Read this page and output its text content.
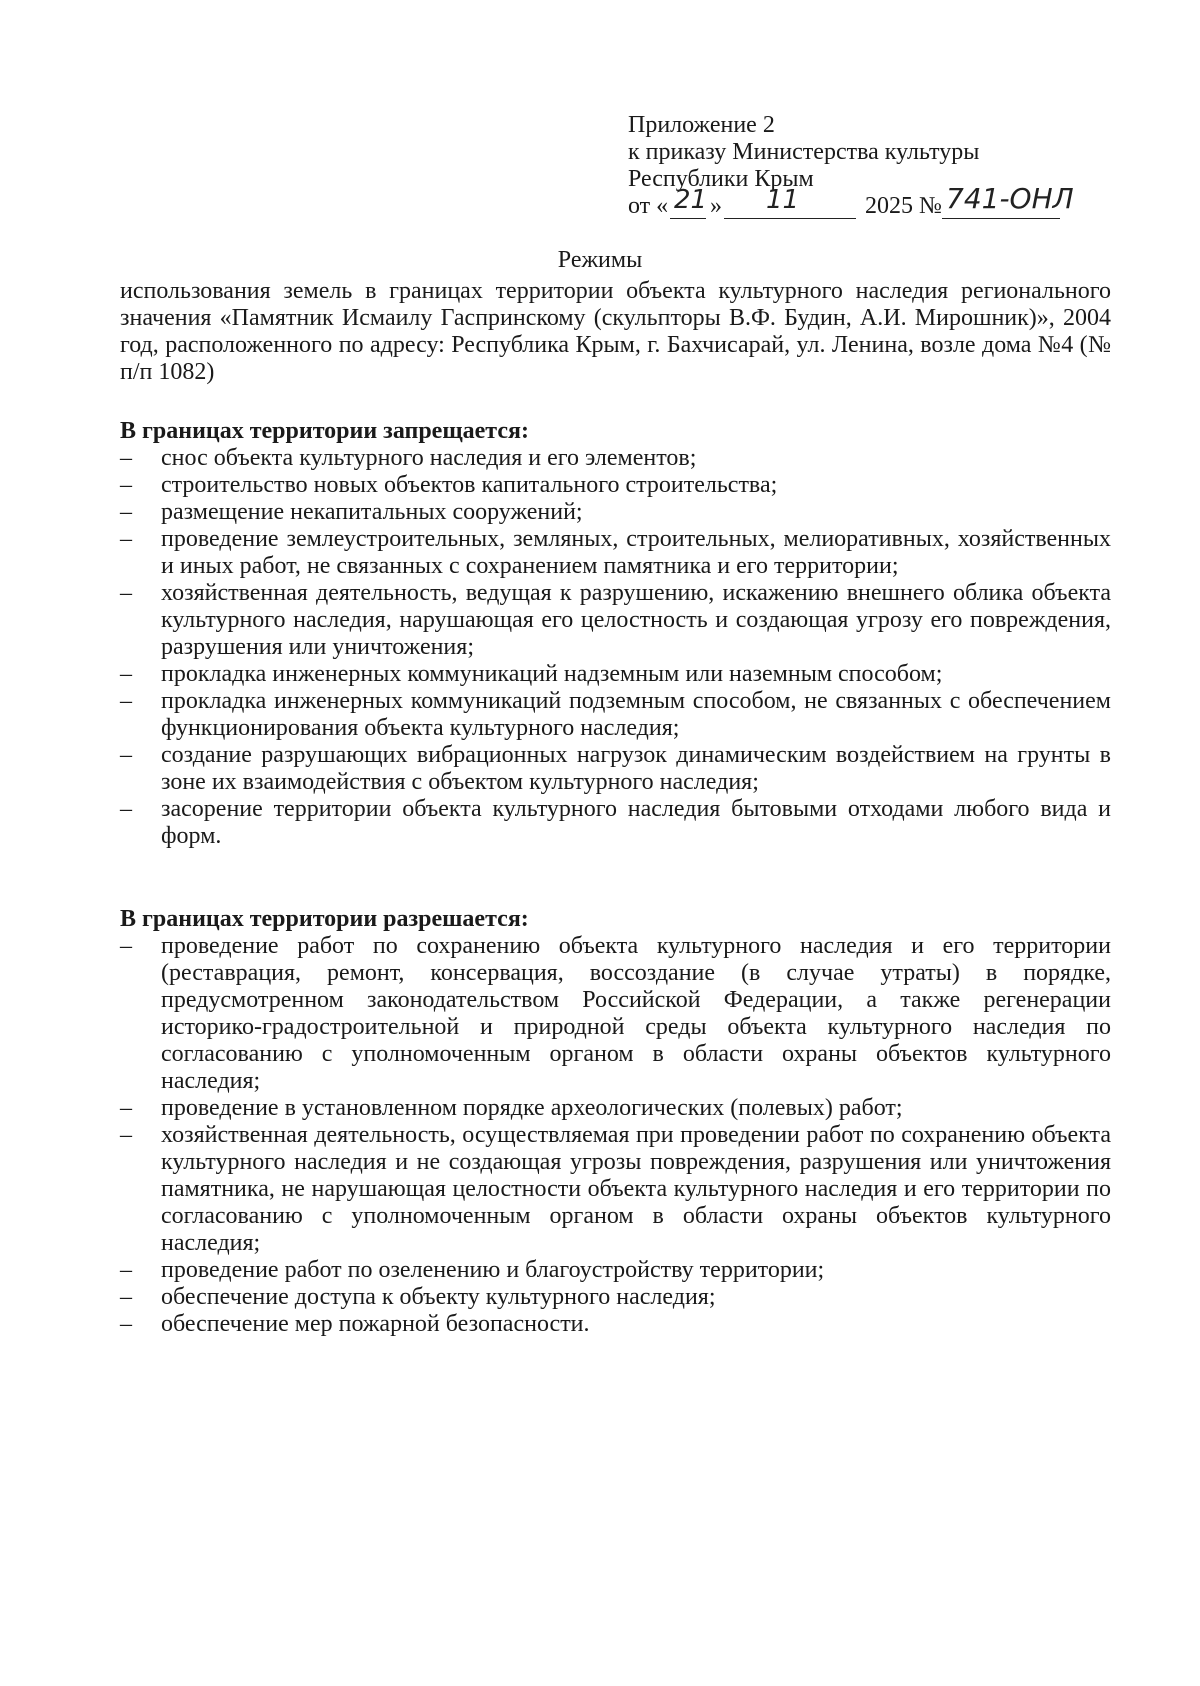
Приложение 2
к приказу Министерства культуры
Республики Крым
от « 21 » 11	2025 № 741-ОНЛ
Режимы
использования земель в границах территории объекта культурного наследия регионального значения «Памятник Исмаилу Гаспринскому (скульпторы В.Ф. Будин, А.И. Мирошник)», 2004 год, расположенного по адресу: Республика Крым, г. Бахчисарай, ул. Ленина, возле дома №4 (№ п/п 1082)
В границах территории запрещается:
– снос объекта культурного наследия и его элементов;
– строительство новых объектов капитального строительства;
– размещение некапитальных сооружений;
– проведение землеустроительных, земляных, строительных, мелиоративных, хозяйственных и иных работ, не связанных с сохранением памятника и его территории;
– хозяйственная деятельность, ведущая к разрушению, искажению внешнего облика объекта культурного наследия, нарушающая его целостность и создающая угрозу его повреждения, разрушения или уничтожения;
– прокладка инженерных коммуникаций надземным или наземным способом;
– прокладка инженерных коммуникаций подземным способом, не связанных с обеспечением функционирования объекта культурного наследия;
– создание разрушающих вибрационных нагрузок динамическим воздействием на грунты в зоне их взаимодействия с объектом культурного наследия;
– засорение территории объекта культурного наследия бытовыми отходами любого вида и форм.
В границах территории разрешается:
– проведение работ по сохранению объекта культурного наследия и его территории (реставрация, ремонт, консервация, воссоздание (в случае утраты) в порядке, предусмотренном законодательством Российской Федерации, а также регенерации историко-градостроительной и природной среды объекта культурного наследия по согласованию с уполномоченным органом в области охраны объектов культурного наследия;
– проведение в установленном порядке археологических (полевых) работ;
– хозяйственная деятельность, осуществляемая при проведении работ по сохранению объекта культурного наследия и не создающая угрозы повреждения, разрушения или уничтожения памятника, не нарушающая целостности объекта культурного наследия и его территории по согласованию с уполномоченным органом в области охраны объектов культурного наследия;
– проведение работ по озеленению и благоустройству территории;
– обеспечение доступа к объекту культурного наследия;
– обеспечение мер пожарной безопасности.
